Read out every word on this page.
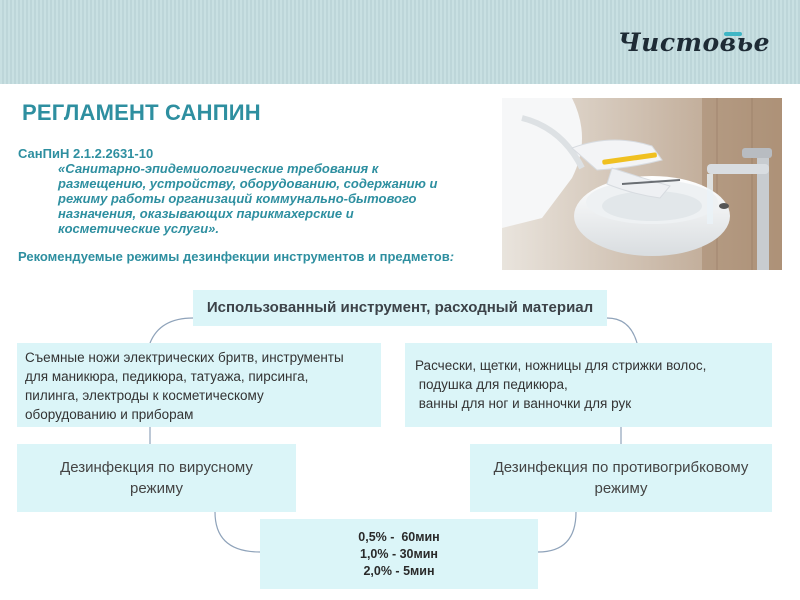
Чистовье
РЕГЛАМЕНТ САНПИН
СанПиН 2.1.2.2631-10
«Санитарно-эпидемиологические требования к
размещению, устройству, оборудованию, содержанию и
режиму работы организаций коммунально-бытового
назначения, оказывающих парикмахерские и
косметические услуги».
Рекомендуемые режимы дезинфекции инструментов и предметов:
Использованный инструмент, расходный материал
Съемные ножи электрических бритв, инструменты
для маникюра, педикюра, татуажа, пирсинга,
пилинга, электроды к косметическому
оборудованию и приборам
Расчески, щетки, ножницы для стрижки волос,
подушка для педикюра,
ванны для ног и ванночки для рук
Дезинфекция по вирусному
режиму
Дезинфекция по противогрибковому
режиму
0,5% -  60мин
1,0% - 30мин
2,0% - 5мин
